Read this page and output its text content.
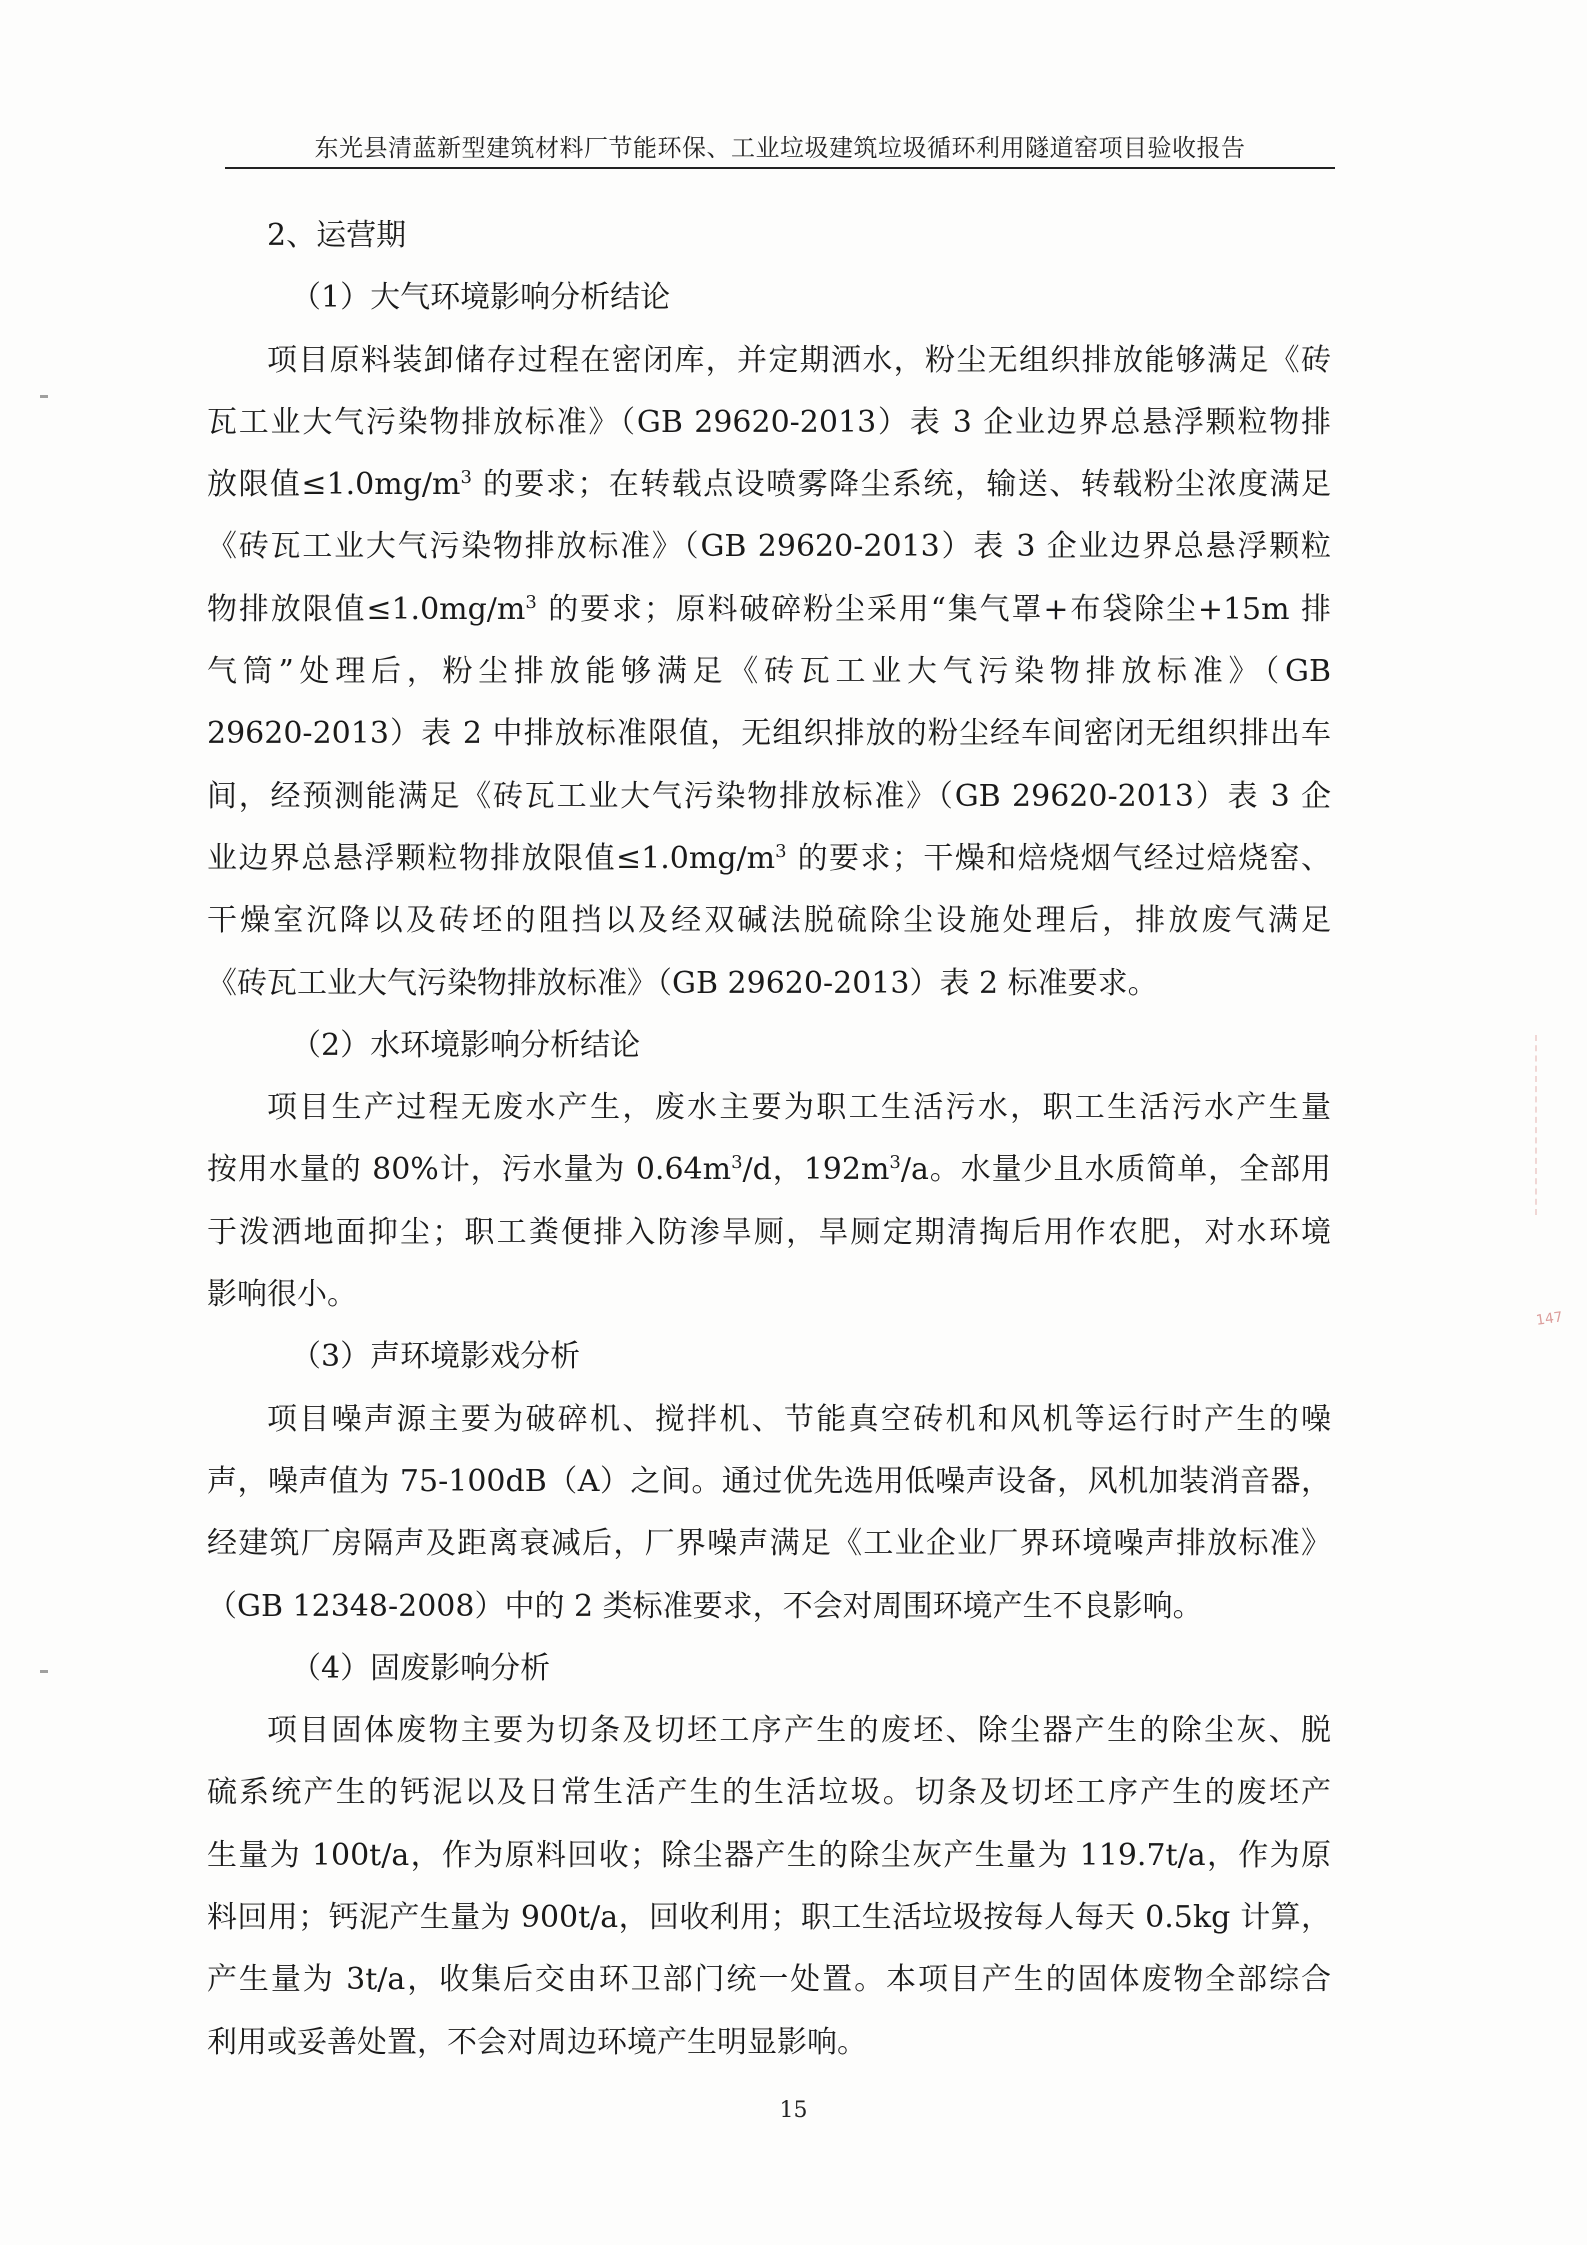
东光县清蓝新型建筑材料厂节能环保、工业垃圾建筑垃圾循环利用隧道窑项目验收报告
2、运营期
（1）大气环境影响分析结论
项目原料装卸储存过程在密闭库，并定期洒水，粉尘无组织排放能够满足《砖
瓦工业大气污染物排放标准》（GB 29620-2013）表 3 企业边界总悬浮颗粒物排
放限值$\le 1.0mg/m^3$ 的要求；在转载点设喷雾降尘系统，输送、转载粉尘浓度满足
《砖瓦工业大气污染物排放标准》（GB 29620-2013）表 3 企业边界总悬浮颗粒
物排放限值$\le 1.0mg/m^3$ 的要求；原料破碎粉尘采用“集气罩+布袋除尘+15m 排
气筒”处理后，粉尘排放能够满足《砖瓦工业大气污染物排放标准》（GB
29620-2013）表 2 中排放标准限值，无组织排放的粉尘经车间密闭无组织排出车
间，经预测能满足《砖瓦工业大气污染物排放标准》（GB 29620-2013）表 3 企
业边界总悬浮颗粒物排放限值$\le 1.0mg/m^3$ 的要求；干燥和焙烧烟气经过焙烧窑、
干燥室沉降以及砖坯的阻挡以及经双碱法脱硫除尘设施处理后，排放废气满足
《砖瓦工业大气污染物排放标准》（GB 29620-2013）表 2 标准要求。
（2）水环境影响分析结论
项目生产过程无废水产生，废水主要为职工生活污水，职工生活污水产生量
按用水量的 80%计，污水量为 $0.64m^3/d$，$192m^3/a$。水量少且水质简单，全部用
于泼洒地面抑尘；职工粪便排入防渗旱厕，旱厕定期清掏后用作农肥，对水环境
影响很小。
（3）声环境影戏分析
项目噪声源主要为破碎机、搅拌机、节能真空砖机和风机等运行时产生的噪
声，噪声值为 75-100dB（A）之间。通过优先选用低噪声设备，风机加装消音器，
经建筑厂房隔声及距离衰减后，厂界噪声满足《工业企业厂界环境噪声排放标准》
（GB 12348-2008）中的 2 类标准要求，不会对周围环境产生不良影响。
（4）固废影响分析
项目固体废物主要为切条及切坯工序产生的废坯、除尘器产生的除尘灰、脱
硫系统产生的钙泥以及日常生活产生的生活垃圾。切条及切坯工序产生的废坯产
生量为 100t/a，作为原料回收；除尘器产生的除尘灰产生量为 119.7t/a，作为原
料回用；钙泥产生量为 900t/a，回收利用；职工生活垃圾按每人每天 0.5kg 计算，
产生量为 3t/a，收集后交由环卫部门统一处置。本项目产生的固体废物全部综合
利用或妥善处置，不会对周边环境产生明显影响。
15
147
